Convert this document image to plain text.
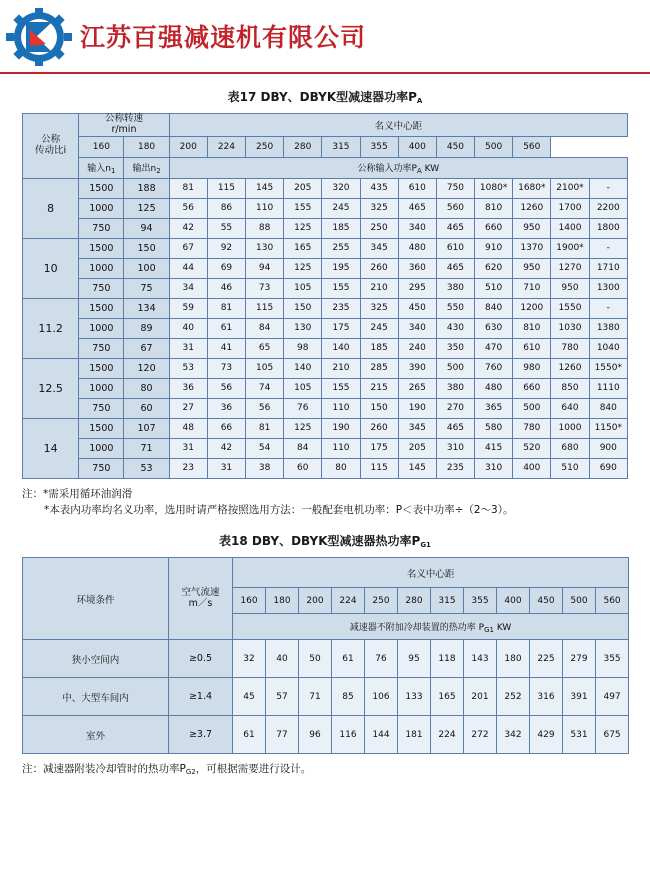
江苏百强减速机有限公司
表17 DBY、DBYK型减速器功率$P_A$
公称
传动比i

公称转速
r/min	名义中心距
	160	180	200	224	250	280	315	355	400	450	500	560		
	输入$n_1$	输出$n_2$	公称输入功率$P_A$ KW											
8	1500	188	81	115	145	205	320	435	610	750	1080*	1680*	2100*	-
	1000	125	56	86	110	155	245	325	465	560	810	1260	1700	2200
	750	94	42	55	88	125	185	250	340	465	660	950	1400	1800
10	1500	150	67	92	130	165	255	345	480	610	910	1370	1900*	-
	1000	100	44	69	94	125	195	260	360	465	620	950	1270	1710
	750	75	34	46	73	105	155	210	295	380	510	710	950	1300
11.2	1500	134	59	81	115	150	235	325	450	550	840	1200	1550	-
	1000	89	40	61	84	130	175	245	340	430	630	810	1030	1380
	750	67	31	41	65	98	140	185	240	350	470	610	780	1040
12.5	1500	120	53	73	105	140	210	285	390	500	760	980	1260	1550*
	1000	80	36	56	74	105	155	215	265	380	480	660	850	1110
	750	60	27	36	56	76	110	150	190	270	365	500	640	840
14	1500	107	48	66	81	125	190	260	345	465	580	780	1000	1150*
	1000	71	31	42	54	84	110	175	205	310	415	520	680	900
	750	53	23	31	38	60	80	115	145	235	310	400	510	690
注：*需采用循环油润滑
*本表内功率均名义功率，选用时请严格按照选用方法：一般配套电机功率：P＜表中功率÷（2～3）。
表18 DBY、DBYK型减速器热功率$P_{G1}$
环境条件	空气流速
m／s	名义中心距											
		160	180	200	224	250	280	315	355	400	450	500	560
		减速器不附加冷却装置的热功率 $P_{G1}$ KW											
狭小空间内	≥0.5	32	40	50	61	76	95	118	143	180	225	279	355
中、大型车间内	≥1.4	45	57	71	85	106	133	165	201	252	316	391	497
室外	≥3.7	61	77	96	116	144	181	224	272	342	429	531	675
注：减速器附装冷却管时的热功率$P_{G2}$，可根据需要进行设计。
